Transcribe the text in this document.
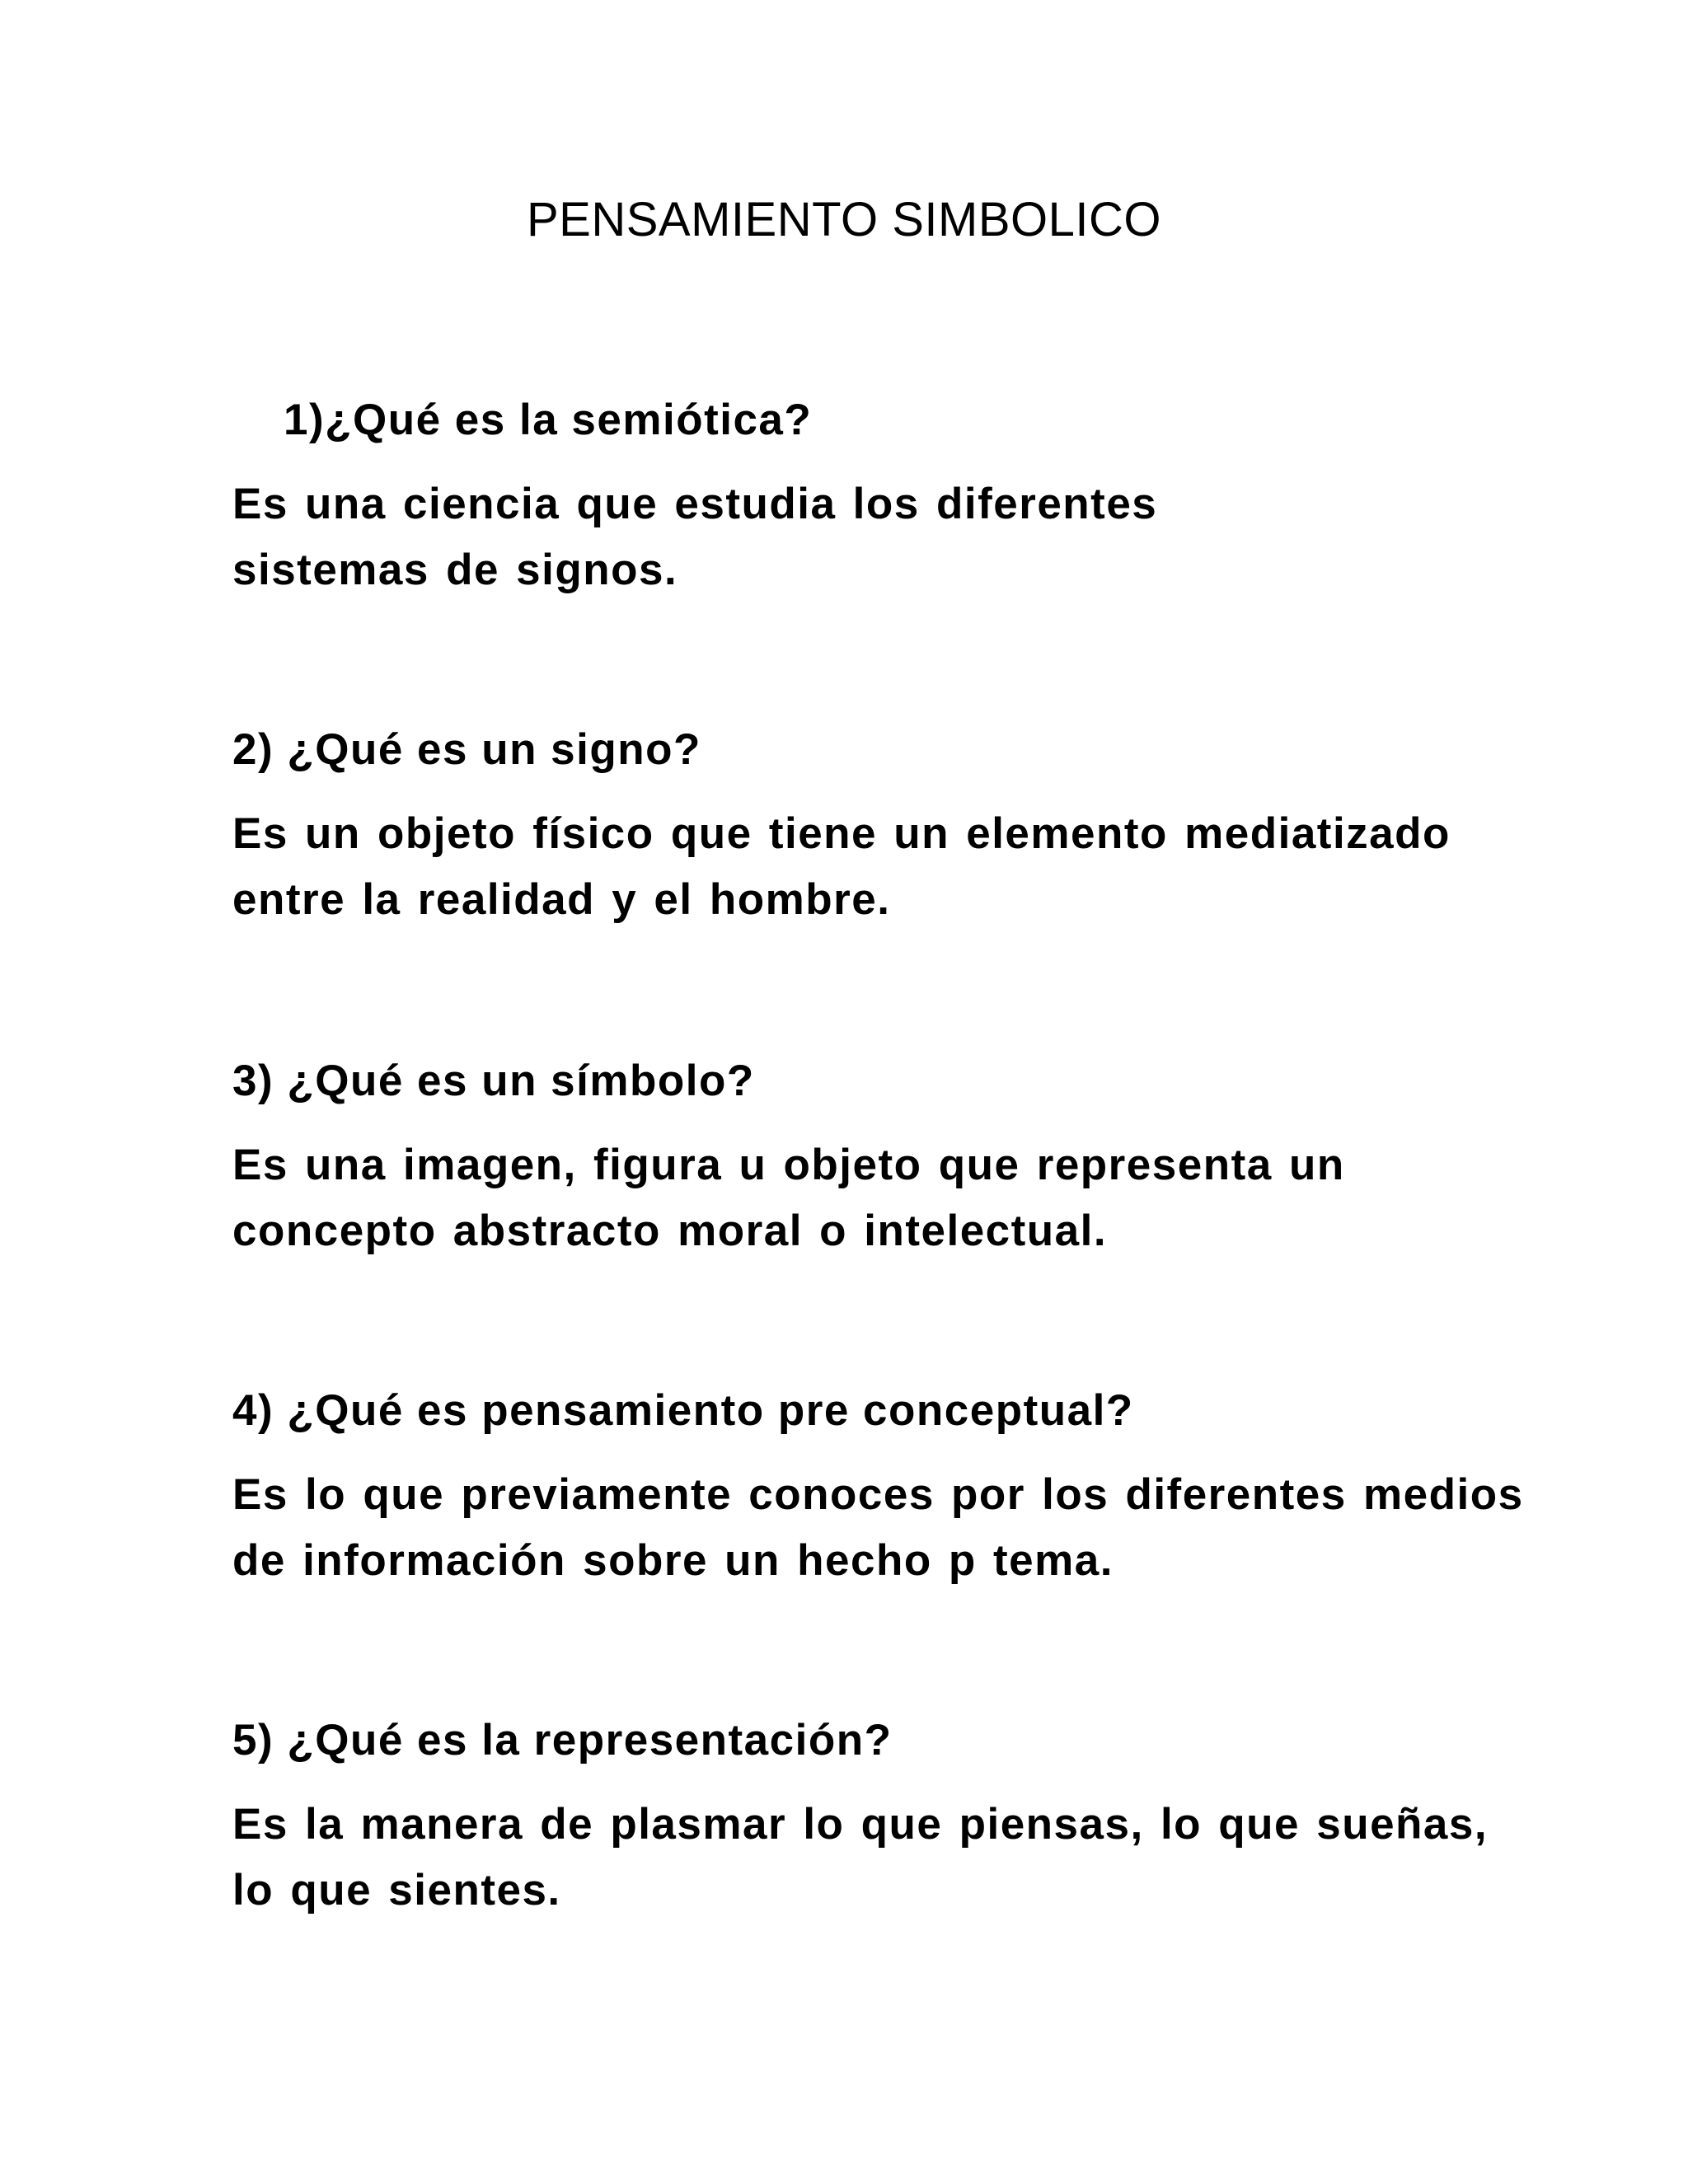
PENSAMIENTO SIMBOLICO

1)¿Qué es la semiótica?

Es una ciencia que estudia los diferentes sistemas de signos.

2) ¿Qué es un signo?

Es un objeto físico que tiene un elemento mediatizado entre la realidad y el hombre.

3) ¿Qué es un símbolo?

Es una imagen, figura u objeto que representa un concepto abstracto moral o intelectual.

4) ¿Qué es pensamiento pre conceptual?

Es lo que previamente conoces por los diferentes medios de información sobre un hecho p tema.

5) ¿Qué es la representación?

Es la manera de plasmar lo que piensas, lo que sueñas, lo que sientes.
